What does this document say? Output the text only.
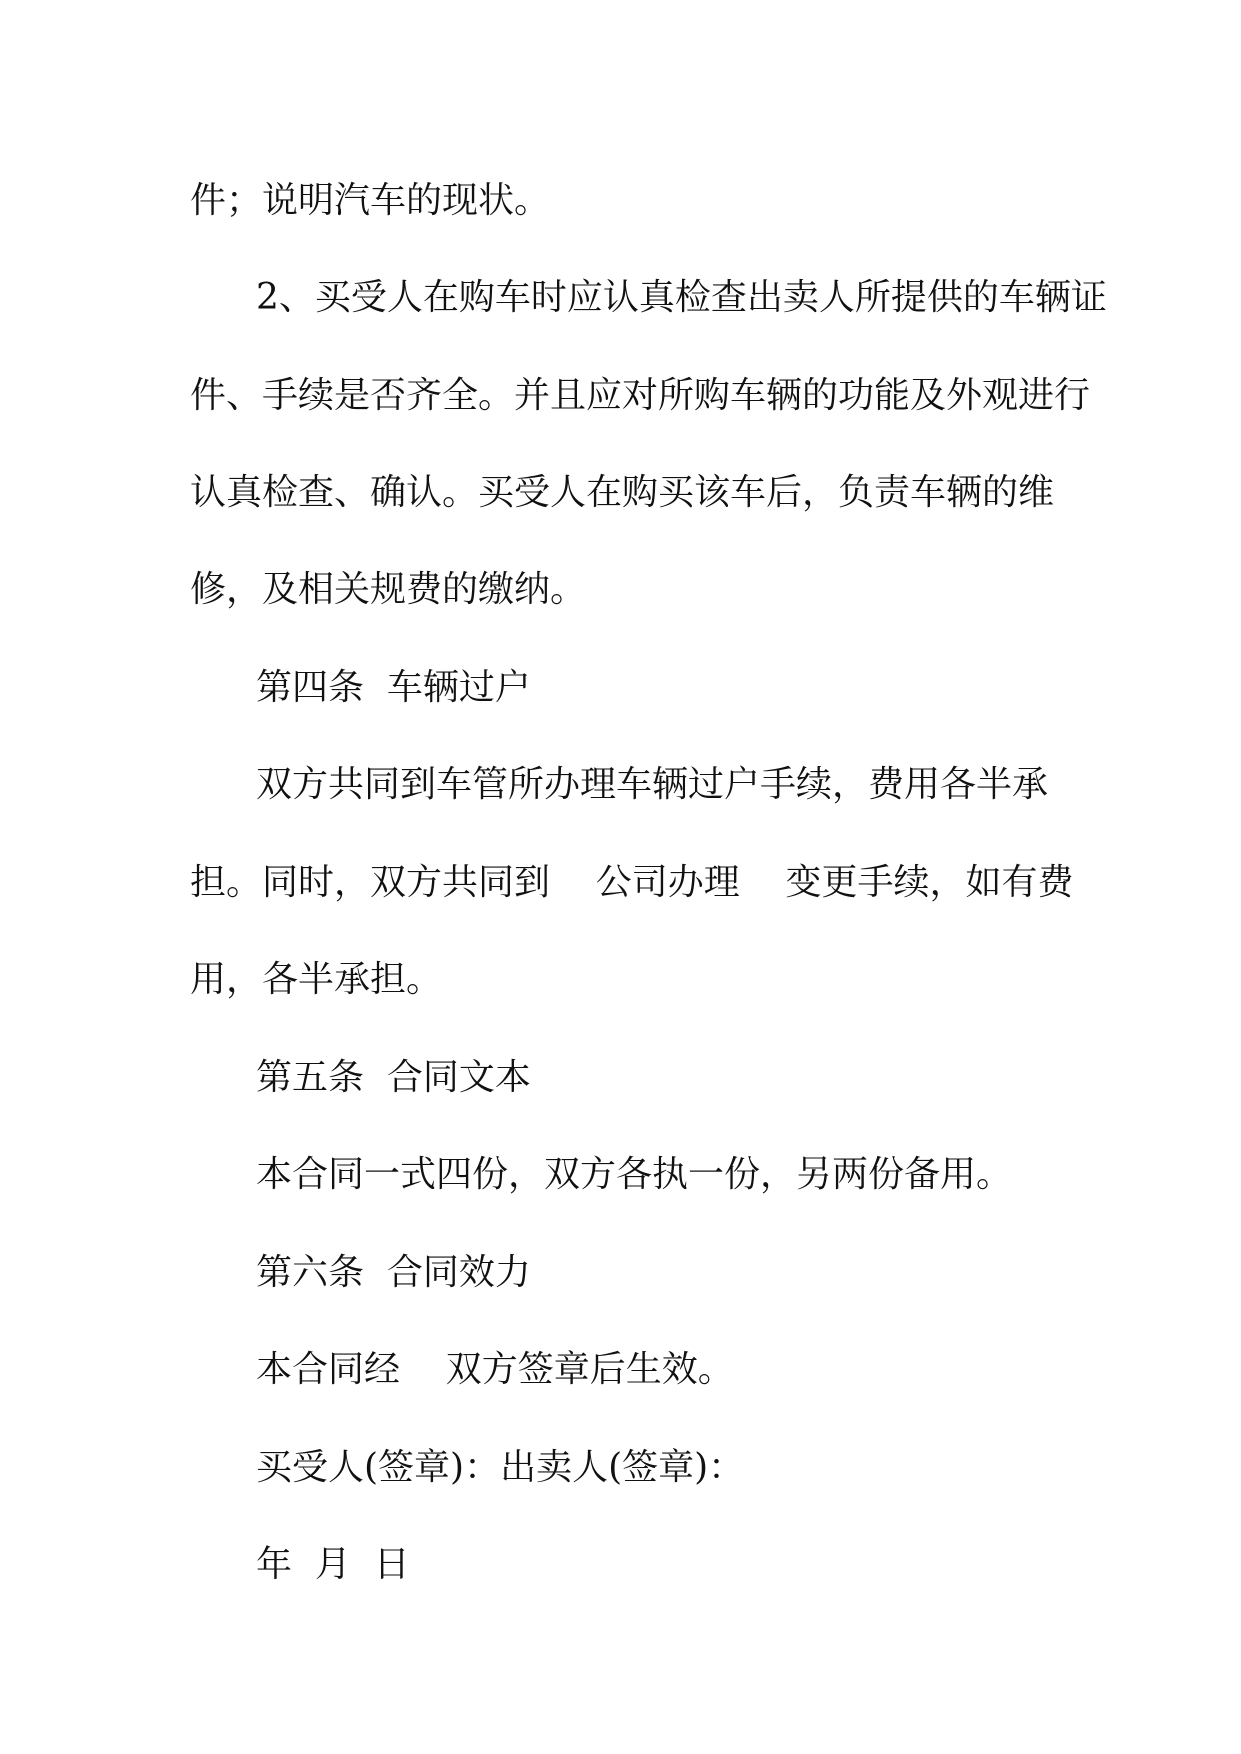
件；说明汽车的现状。
2、买受人在购车时应认真检查出卖人所提供的车辆证
件、手续是否齐全。并且应对所购车辆的功能及外观进行
认真检查、确认。买受人在购买该车后，负责车辆的维
修，及相关规费的缴纳。
第四条  车辆过户
双方共同到车管所办理车辆过户手续，费用各半承
担。同时，双方共同到    公司办理    变更手续，如有费
用，各半承担。
第五条  合同文本
本合同一式四份，双方各执一份，另两份备用。
第六条  合同效力
本合同经    双方签章后生效。
买受人(签章)：出卖人(签章)：
年  月  日
